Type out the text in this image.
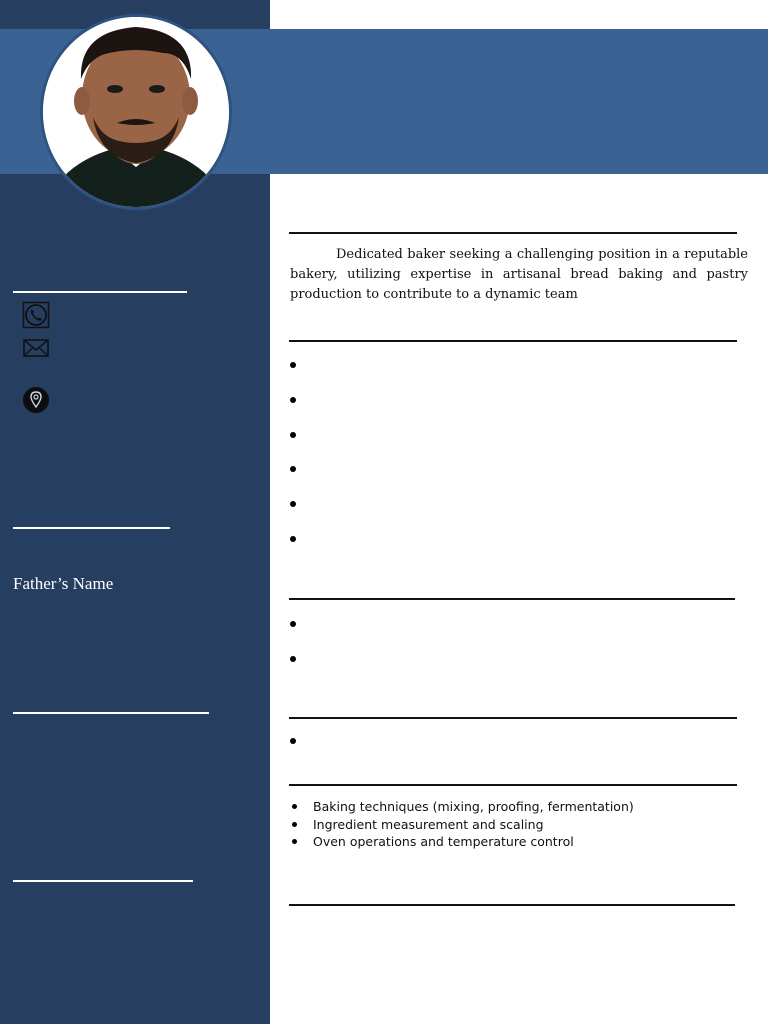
Father’s Name

Dedicated baker seeking a challenging position in a reputable bakery, utilizing expertise in artisanal bread baking and pastry production to contribute to a dynamic team

Baking techniques (mixing, proofing, fermentation)
Ingredient measurement and scaling
Oven operations and temperature control
